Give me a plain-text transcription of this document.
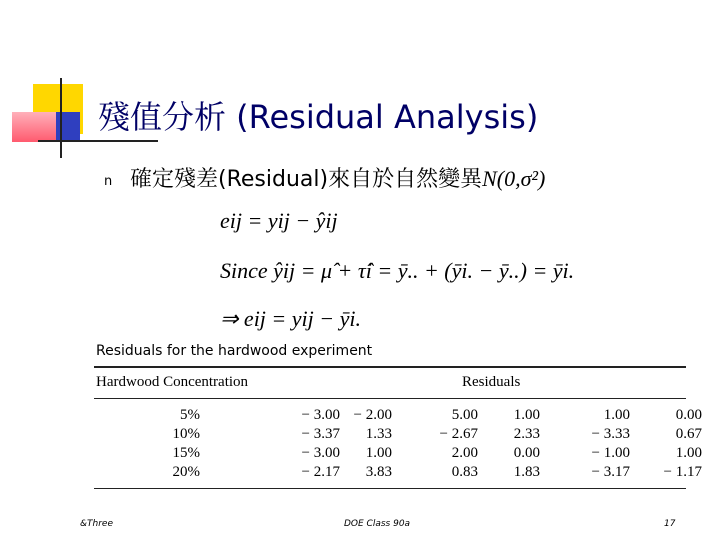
殘值分析 (Residual Analysis)
n 確定殘差(Residual)來自於自然變異N(0,σ²)
eij = yij − ŷij
Since ŷij = μ̂ + τ̂i = ȳ.. + (ȳi. − ȳ..) = ȳi.
⇒ eij = yij − ȳi.
Residuals for the hardwood experiment
Hardwood Concentration	Residuals
5%	− 3.00	− 2.00	5.00	1.00	1.00	0.00
10%	− 3.37	1.33	− 2.67	2.33	− 3.33	0.67
15%	− 3.00	1.00	2.00	0.00	− 1.00	1.00
20%	− 2.17	3.83	0.83	1.83	− 3.17	− 1.17
&Three	DOE Class 90a	17
